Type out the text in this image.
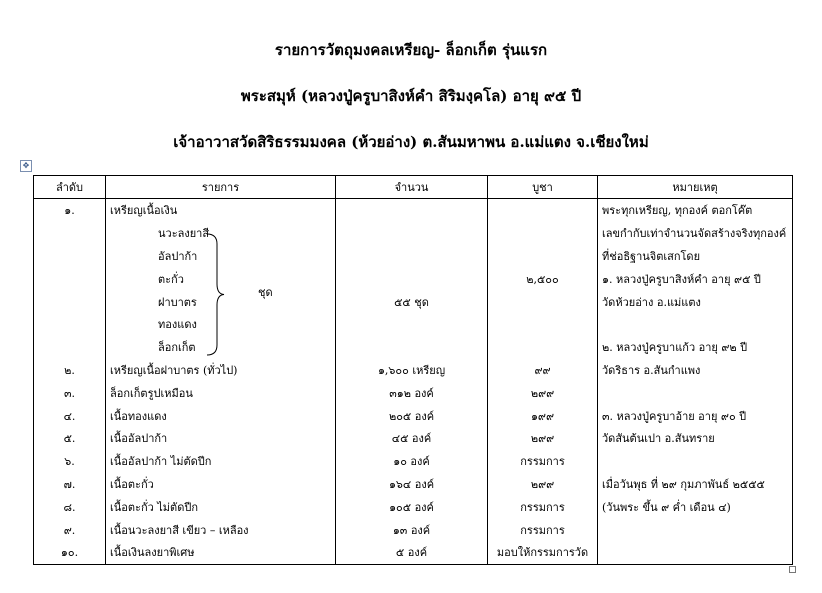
รายการวัตถุมงคลเหรียญ- ล็อกเก็ต รุ่นแรก
พระสมุห์ (หลวงปู่ครูบาสิงห์คำ สิริมงฺคโล) อายุ ๙๕ ปี
เจ้าอาวาสวัดสิริธรรมมงคล (ห้วยอ่าง) ต.สันมหาพน อ.แม่แตง จ.เชียงใหม่
✥
ลำดับ	รายการ	จำนวน	บูชา	หมายเหตุ
๑.	เหรียญเนื้อเงิน			พระทุกเหรียญ, ทุกองค์ ตอกโค๊ต
	นวะลงยาสี			เลขกำกับเท่าจำนวนจัดสร้างจริงทุกองค์
	อัลปาก้า			ที่ช่อธิฐานจิตเสกโดย
	ตะกั่ว		๒,๕๐๐	๑. หลวงปู่ครูบาสิงห์คำ อายุ ๙๕ ปี
	ฝาบาตร	๕๕ ชุด		วัดห้วยอ่าง อ.แม่แตง
	ทองแดง			
	ล็อกเก็ต			๒. หลวงปู่ครูบาแก้ว อายุ ๙๒ ปี
๒.	เหรียญเนื้อฝาบาตร (ทั่วไป)	๑,๖๐๐ เหรียญ	๙๙	วัดริธาร อ.สันกำแพง
๓.	ล็อกเก็ตรูปเหมือน	๓๑๒ องค์	๒๙๙	
๔.	เนื้อทองแดง	๒๐๕ องค์	๑๙๙	๓. หลวงปู่ครูบาอ้าย อายุ ๙๐ ปี
๕.	เนื้ออัลปาก้า	๔๕ องค์	๒๙๙	วัดสันต้นเปา อ.สันทราย
๖.	เนื้ออัลปาก้า ไม่ตัดปีก	๑๐ องค์	กรรมการ	
๗.	เนื้อตะกั่ว	๑๖๔ องค์	๒๙๙	เมื่อวันพุธ ที่ ๒๙ กุมภาพันธ์ ๒๕๕๕
๘.	เนื้อตะกั่ว ไม่ตัดปีก	๑๐๕ องค์	กรรมการ	(วันพระ ขึ้น ๙ ค่ำ เดือน ๔)
๙.	เนื้อนวะลงยาสี เขียว – เหลือง	๑๓ องค์	กรรมการ	
๑๐.	เนื้อเงินลงยาพิเศษ	๕ องค์	มอบให้กรรมการวัด	
ชุด
